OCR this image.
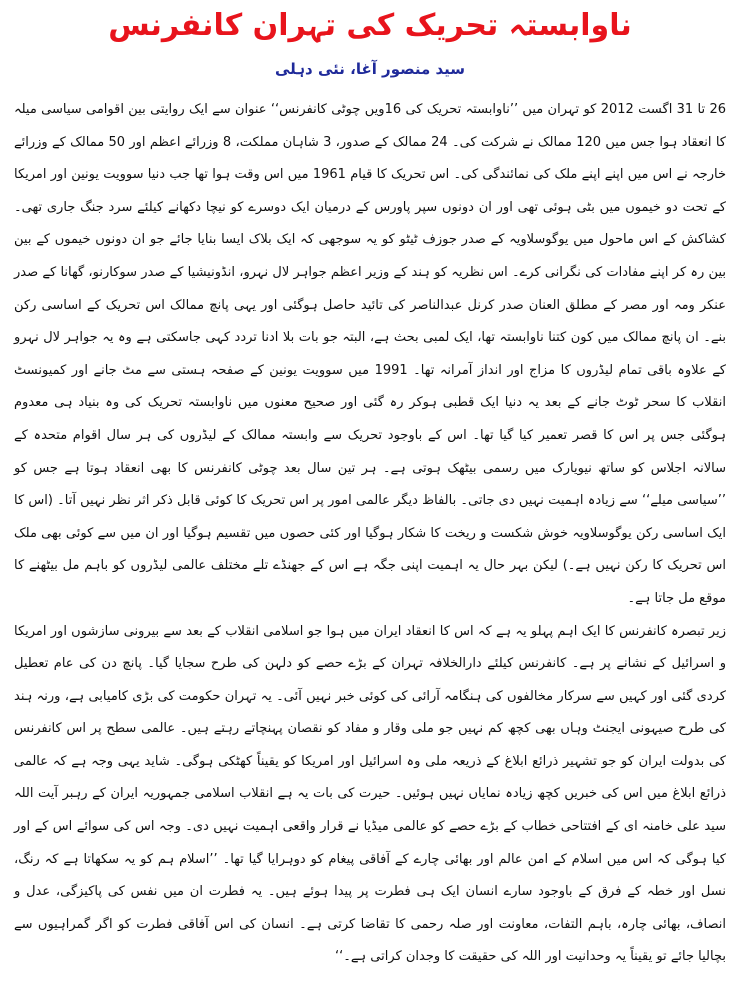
ناوابستہ تحریک کی تہران کانفرنس
سید منصور آغا، نئی دہلی

26 تا 31 اگست 2012 کو تہران میں ’’ناوابستہ تحریک کی 16ویں چوٹی کانفرنس‘‘ عنوان سے ایک روایتی بین اقوامی سیاسی میلہ کا انعقاد ہوا جس میں 120 ممالک نے شرکت کی۔ 24 ممالک کے صدور، 3 شاہان مملکت، 8 وزرائے اعظم اور 50 ممالک کے وزرائے خارجہ نے اس میں اپنے اپنے ملک کی نمائندگی کی۔ اس تحریک کا قیام 1961 میں اس وقت ہوا تھا جب دنیا سوویت یونین اور امریکا کے تحت دو خیموں میں بٹی ہوئی تھی اور ان دونوں سپر پاورس کے درمیان ایک دوسرے کو نیچا دکھانے کیلئے سرد جنگ جاری تھی۔ کشاکش کے اس ماحول میں یوگوسلاویہ کے صدر جوزف ٹیٹو کو یہ سوجھی کہ ایک بلاک ایسا بنایا جائے جو ان دونوں خیموں کے بین بین رہ کر اپنے مفادات کی نگرانی کرے۔ اس نظریہ کو ہند کے وزیر اعظم جواہر لال نہرو، انڈونیشیا کے صدر سوکارنو، گھانا کے صدر عنکر ومہ اور مصر کے مطلق العنان صدر کرنل عبدالناصر کی تائید حاصل ہوگئی اور یہی پانچ ممالک اس تحریک کے اساسی رکن بنے۔ ان پانچ ممالک میں کون کتنا ناوابستہ تھا، ایک لمبی بحث ہے، البتہ جو بات بلا ادنا تردد کہی جاسکتی ہے وہ یہ جواہر لال نہرو کے علاوہ باقی تمام لیڈروں کا مزاج اور انداز آمرانہ تھا۔ 1991 میں سوویت یونین کے صفحہ ہستی سے مٹ جانے اور کمیونسٹ انقلاب کا سحر ٹوٹ جانے کے بعد یہ دنیا ایک قطبی ہوکر رہ گئی اور صحیح معنوں میں ناوابستہ تحریک کی وہ بنیاد ہی معدوم ہوگئی جس پر اس کا قصر تعمیر کیا گیا تھا۔ اس کے باوجود تحریک سے وابستہ ممالک کے لیڈروں کی ہر سال اقوام متحدہ کے سالانہ اجلاس کو ساتھ نیویارک میں رسمی بیٹھک ہوتی ہے۔ ہر تین سال بعد چوٹی کانفرنس کا بھی انعقاد ہوتا ہے جس کو ’’سیاسی میلے‘‘ سے زیادہ اہمیت نہیں دی جاتی۔ بالفاظ دیگر عالمی امور پر اس تحریک کا کوئی قابل ذکر اثر نظر نہیں آتا۔ (اس کا ایک اساسی رکن یوگوسلاویہ خوش شکست و ریخت کا شکار ہوگیا اور کئی حصوں میں تقسیم ہوگیا اور ان میں سے کوئی بھی ملک اس تحریک کا رکن نہیں ہے۔) لیکن بہر حال یہ اہمیت اپنی جگہ ہے اس کے جھنڈے تلے مختلف عالمی لیڈروں کو باہم مل بیٹھنے کا موقع مل جاتا ہے۔

زیر تبصرہ کانفرنس کا ایک اہم پہلو یہ ہے کہ اس کا انعقاد ایران میں ہوا جو اسلامی انقلاب کے بعد سے بیرونی سازشوں اور امریکا و اسرائیل کے نشانے پر ہے۔ کانفرنس کیلئے دارالخلافہ تہران کے بڑے حصے کو دلہن کی طرح سجایا گیا۔ پانچ دن کی عام تعطیل کردی گئی اور کہیں سے سرکار مخالفوں کی ہنگامہ آرائی کی کوئی خبر نہیں آئی۔ یہ تہران حکومت کی بڑی کامیابی ہے، ورنہ ہند کی طرح صیہونی ایجنٹ وہاں بھی کچھ کم نہیں جو ملی وقار و مفاد کو نقصان پہنچاتے رہتے ہیں۔ عالمی سطح پر اس کانفرنس کی بدولت ایران کو جو تشہیر ذرائع ابلاغ کے ذریعہ ملی وہ اسرائیل اور امریکا کو یقیناً کھٹکی ہوگی۔ شاید یہی وجہ ہے کہ عالمی ذرائع ابلاغ میں اس کی خبریں کچھ زیادہ نمایاں نہیں ہوئیں۔ حیرت کی بات یہ ہے انقلاب اسلامی جمہوریہ ایران کے رہبر آیت اللہ سید علی خامنہ ای کے افتتاحی خطاب کے بڑے حصے کو عالمی میڈیا نے قرار واقعی اہمیت نہیں دی۔ وجہ اس کی سوائے اس کے اور کیا ہوگی کہ اس میں اسلام کے امن عالم اور بھائی چارے کے آفاقی پیغام کو دوہرایا گیا تھا۔ ’’اسلام ہم کو یہ سکھاتا ہے کہ رنگ، نسل اور خطہ کے فرق کے باوجود سارے انسان ایک ہی فطرت پر پیدا ہوئے ہیں۔ یہ فطرت ان میں نفس کی پاکیزگی، عدل و انصاف، بھائی چارہ، باہم التفات، معاونت اور صلہ رحمی کا تقاضا کرتی ہے۔ انسان کی اس آفاقی فطرت کو اگر گمراہیوں سے بچالیا جائے تو یقیناً یہ وحدانیت اور اللہ کی حقیقت کا وجدان کراتی ہے۔‘‘
